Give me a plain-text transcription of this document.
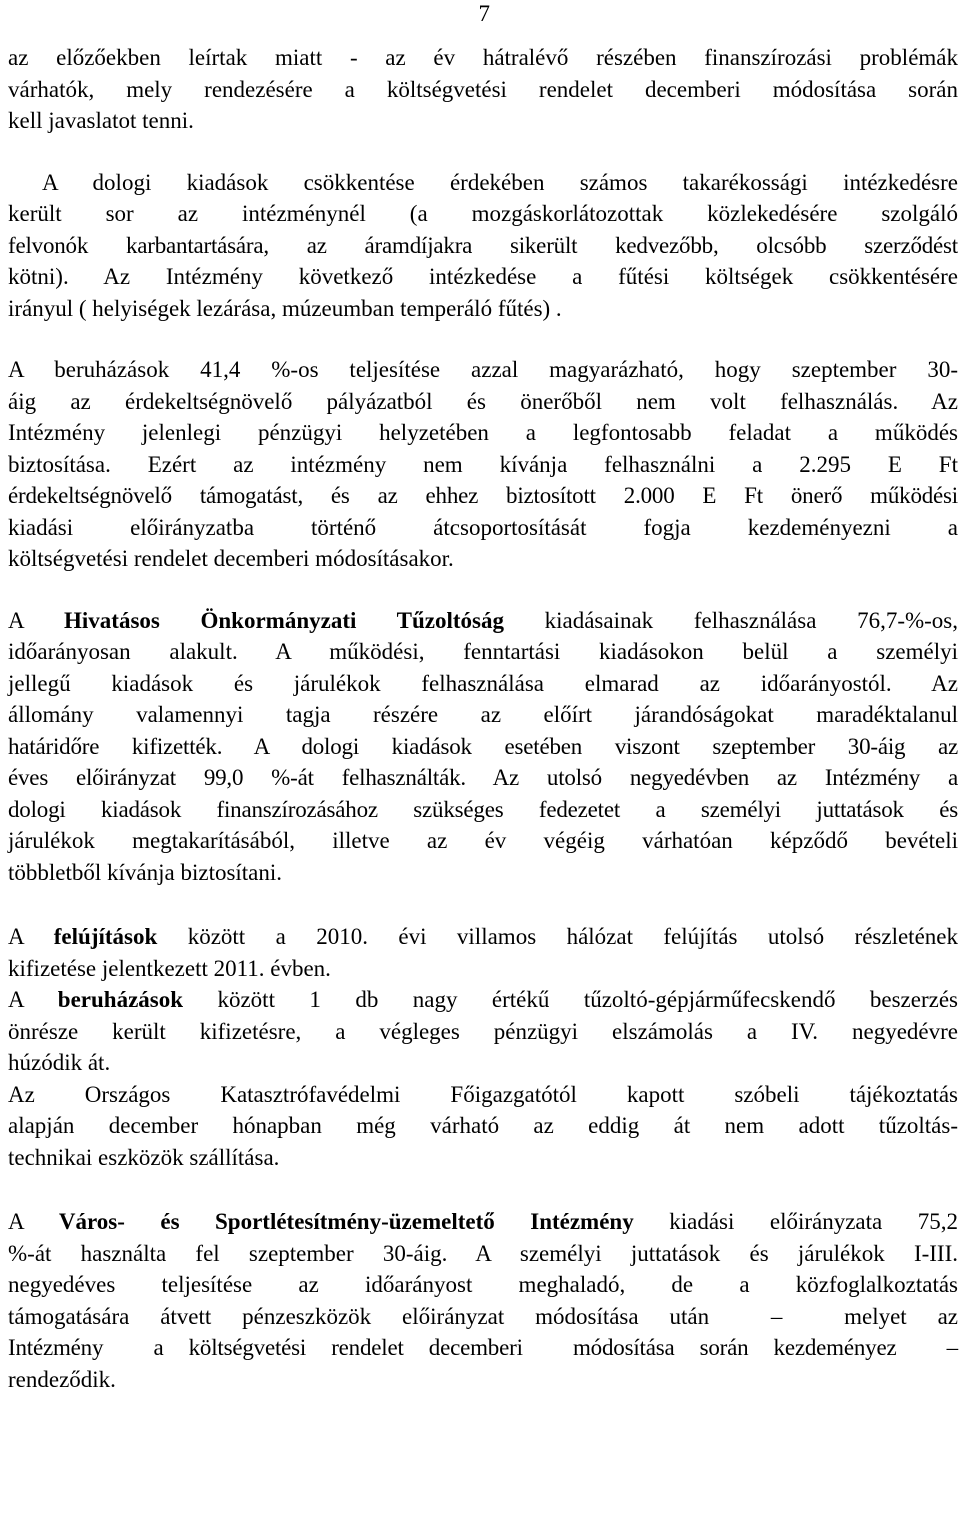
7
az előzőekben leírtak miatt - az év hátralévő részében finanszírozási problémák
várhatók, mely rendezésére a költségvetési rendelet decemberi módosítása során
kell javaslatot tenni.
A dologi kiadások csökkentése érdekében számos takarékossági intézkedésre
került sor az intézménynél (a mozgáskorlátozottak közlekedésére szolgáló
felvonók karbantartására, az áramdíjakra sikerült kedvezőbb, olcsóbb szerződést
kötni). Az Intézmény következő intézkedése a fűtési költségek csökkentésére
irányul ( helyiségek lezárása, múzeumban temperáló fűtés) .
A beruházások 41,4 %-os teljesítése azzal magyarázható, hogy szeptember 30-
áig az érdekeltségnövelő pályázatból és önerőből nem volt felhasználás. Az
Intézmény jelenlegi pénzügyi helyzetében a legfontosabb feladat a működés
biztosítása. Ezért az intézmény nem kívánja felhasználni a 2.295 E Ft
érdekeltségnövelő támogatást, és az ehhez biztosított 2.000 E Ft önerő működési
kiadási előirányzatba történő átcsoportosítását fogja kezdeményezni a
költségvetési rendelet decemberi módosításakor.
A Hivatásos Önkormányzati Tűzoltóság kiadásainak felhasználása 76,7-%-os,
időarányosan alakult. A működési, fenntartási kiadásokon belül a személyi
jellegű kiadások és járulékok felhasználása elmarad az időarányostól. Az
állomány valamennyi tagja részére az előírt járandóságokat maradéktalanul
határidőre kifizették. A dologi kiadások esetében viszont szeptember 30-áig az
éves előirányzat 99,0 %-át felhasználták. Az utolsó negyedévben az Intézmény a
dologi kiadások finanszírozásához szükséges fedezetet a személyi juttatások és
járulékok megtakarításából, illetve az év végéig várhatóan képződő bevételi
többletből kívánja biztosítani.
A felújítások között a 2010. évi villamos hálózat felújítás utolsó részletének
kifizetése jelentkezett 2011. évben.
A beruházások között 1 db nagy értékű tűzoltó-gépjárműfecskendő beszerzés
önrésze került kifizetésre, a végleges pénzügyi elszámolás a IV. negyedévre
húzódik át.
Az Országos Katasztrófavédelmi Főigazgatótól kapott szóbeli tájékoztatás
alapján december hónapban még várható az eddig át nem adott tűzoltás-
technikai eszközök szállítása.
A Város- és Sportlétesítmény-üzemeltető Intézmény kiadási előirányzata 75,2
%-át használta fel szeptember 30-áig. A személyi juttatások és járulékok I-III.
negyedéves teljesítése az időarányost meghaladó, de a közfoglalkoztatás
támogatására átvett pénzeszközök előirányzat módosítása után  –  melyet az
Intézmény  a költségvetési rendelet decemberi  módosítása során kezdeményez  –
rendeződik.
